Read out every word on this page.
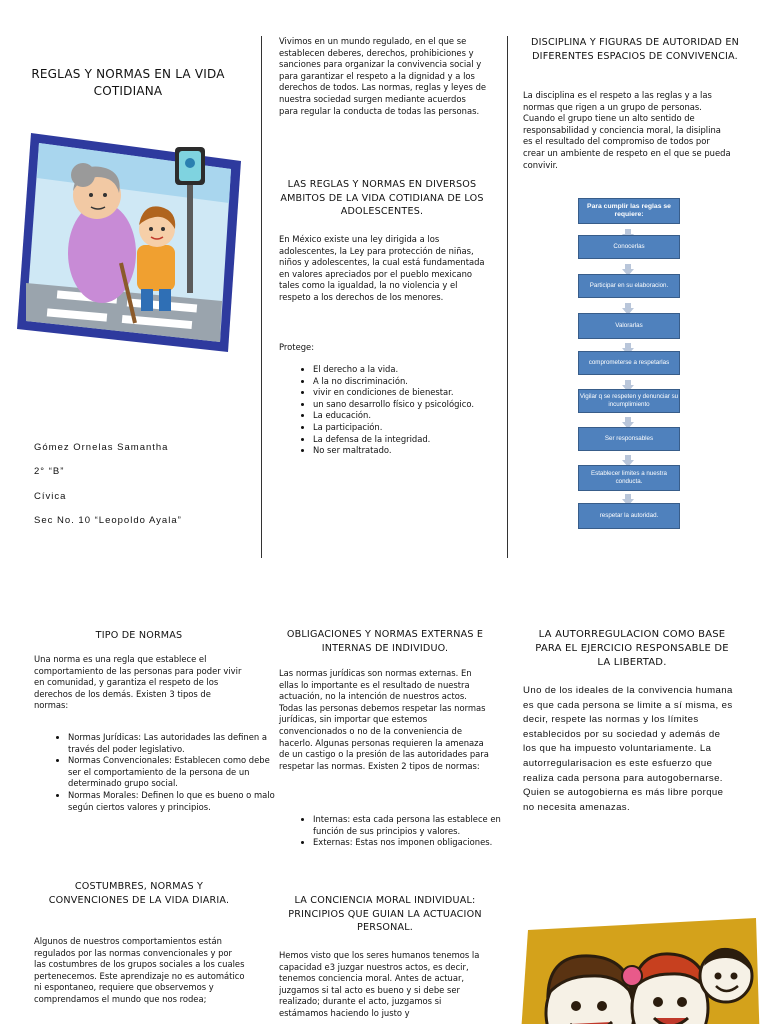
REGLAS Y NORMAS EN LA VIDA COTIDIANA
Gómez Ornelas Samantha
2° “B”
Cívica
Sec No. 10 “Leopoldo Ayala”
Vivimos en un mundo regulado, en el que se establecen deberes, derechos, prohibiciones y sanciones para organizar la convivencia social y para garantizar el respeto a la dignidad y a los derechos de todos. Las normas, reglas y leyes de nuestra sociedad surgen mediante acuerdos para regular la conducta de todas las personas.
LAS REGLAS Y NORMAS EN DIVERSOS AMBITOS DE LA VIDA COTIDIANA DE LOS ADOLESCENTES.
En México existe una ley dirigida a los adolescentes, la Ley para protección de niñas, niños y adolescentes, la cual está fundamentada en valores apreciados por el pueblo mexicano tales como la igualdad, la no violencia y el respeto a los derechos de los menores.
Protege:
• El derecho a la vida.
• A la no discriminación.
• vivir en condiciones de bienestar.
• un sano desarrollo físico y psicológico.
• La educación.
• La participación.
• La defensa de la integridad.
• No ser maltratado.
DISCIPLINA Y FIGURAS DE AUTORIDAD EN DIFERENTES ESPACIOS DE CONVIVENCIA.
La disciplina es el respeto a las reglas y a las normas que rigen a un grupo de personas. Cuando el grupo tiene un alto sentido de responsabilidad y conciencia moral, la disiplina es el resultado del compromiso de todos por crear un ambiente de respeto en el que se pueda convivir.
Para cumplir las reglas se requiere:
Conocerlas
Participar en su elaboracion.
Valorarlas
comprometerse a respetarlas
Vigilar q se respeten y denunciar su incumplimiento
Ser responsables
Establecer limites a nuestra conducta.
respetar la autoridad.
TIPO DE NORMAS
Una norma es una regla que establece el comportamiento de las personas para poder vivir en comunidad, y garantiza el respeto de los derechos de los demás. Existen 3 tipos de normas:
• Normas Jurídicas: Las autoridades las definen a través del poder legislativo.
• Normas Convencionales: Establecen como debe ser el comportamiento de la persona de un determinado grupo social.
• Normas Morales: Definen lo que es bueno o malo según ciertos valores y principios.
COSTUMBRES, NORMAS Y CONVENCIONES DE LA VIDA DIARIA.
Algunos de nuestros comportamientos están regulados por las normas convencionales y por las costumbres de los grupos sociales a los cuales pertenecemos. Este aprendizaje no es automático ni espontaneo, requiere que observemos y comprendamos el mundo que nos rodea;
OBLIGACIONES Y NORMAS EXTERNAS E INTERNAS DE INDIVIDUO.
Las normas jurídicas son normas externas. En ellas lo importante es el resultado de nuestra actuación, no la intención de nuestros actos. Todas las personas debemos respetar las normas jurídicas, sin importar que estemos convencionados o no de la conveniencia de hacerlo. Algunas personas requieren la amenaza de un castigo o la presión de las autoridades para respetar las normas. Existen 2 tipos de normas:
• Internas: esta cada persona las establece en función de sus principios y valores.
• Externas: Estas nos imponen obligaciones.
LA CONCIENCIA MORAL INDIVIDUAL: PRINCIPIOS QUE GUIAN LA ACTUACION PERSONAL.
Hemos visto que los seres humanos tenemos la capacidad e3 juzgar nuestros actos, es decir, tenemos conciencia moral. Antes de actuar, juzgamos si tal acto es bueno y si debe ser realizado; durante el acto, juzgamos si estámamos haciendo lo justo y
LA AUTORREGULACION COMO BASE PARA EL EJERCICIO RESPONSABLE DE LA LIBERTAD.
Uno de los ideales de la convivencia humana es que cada persona se limite a sí misma, es decir, respete las normas y los límites establecidos por su sociedad y además de los que ha impuesto voluntariamente. La autorregularisacion es este esfuerzo que realiza cada persona para autogobernarse. Quien se autogobierna es más libre porque no necesita amenazas.
